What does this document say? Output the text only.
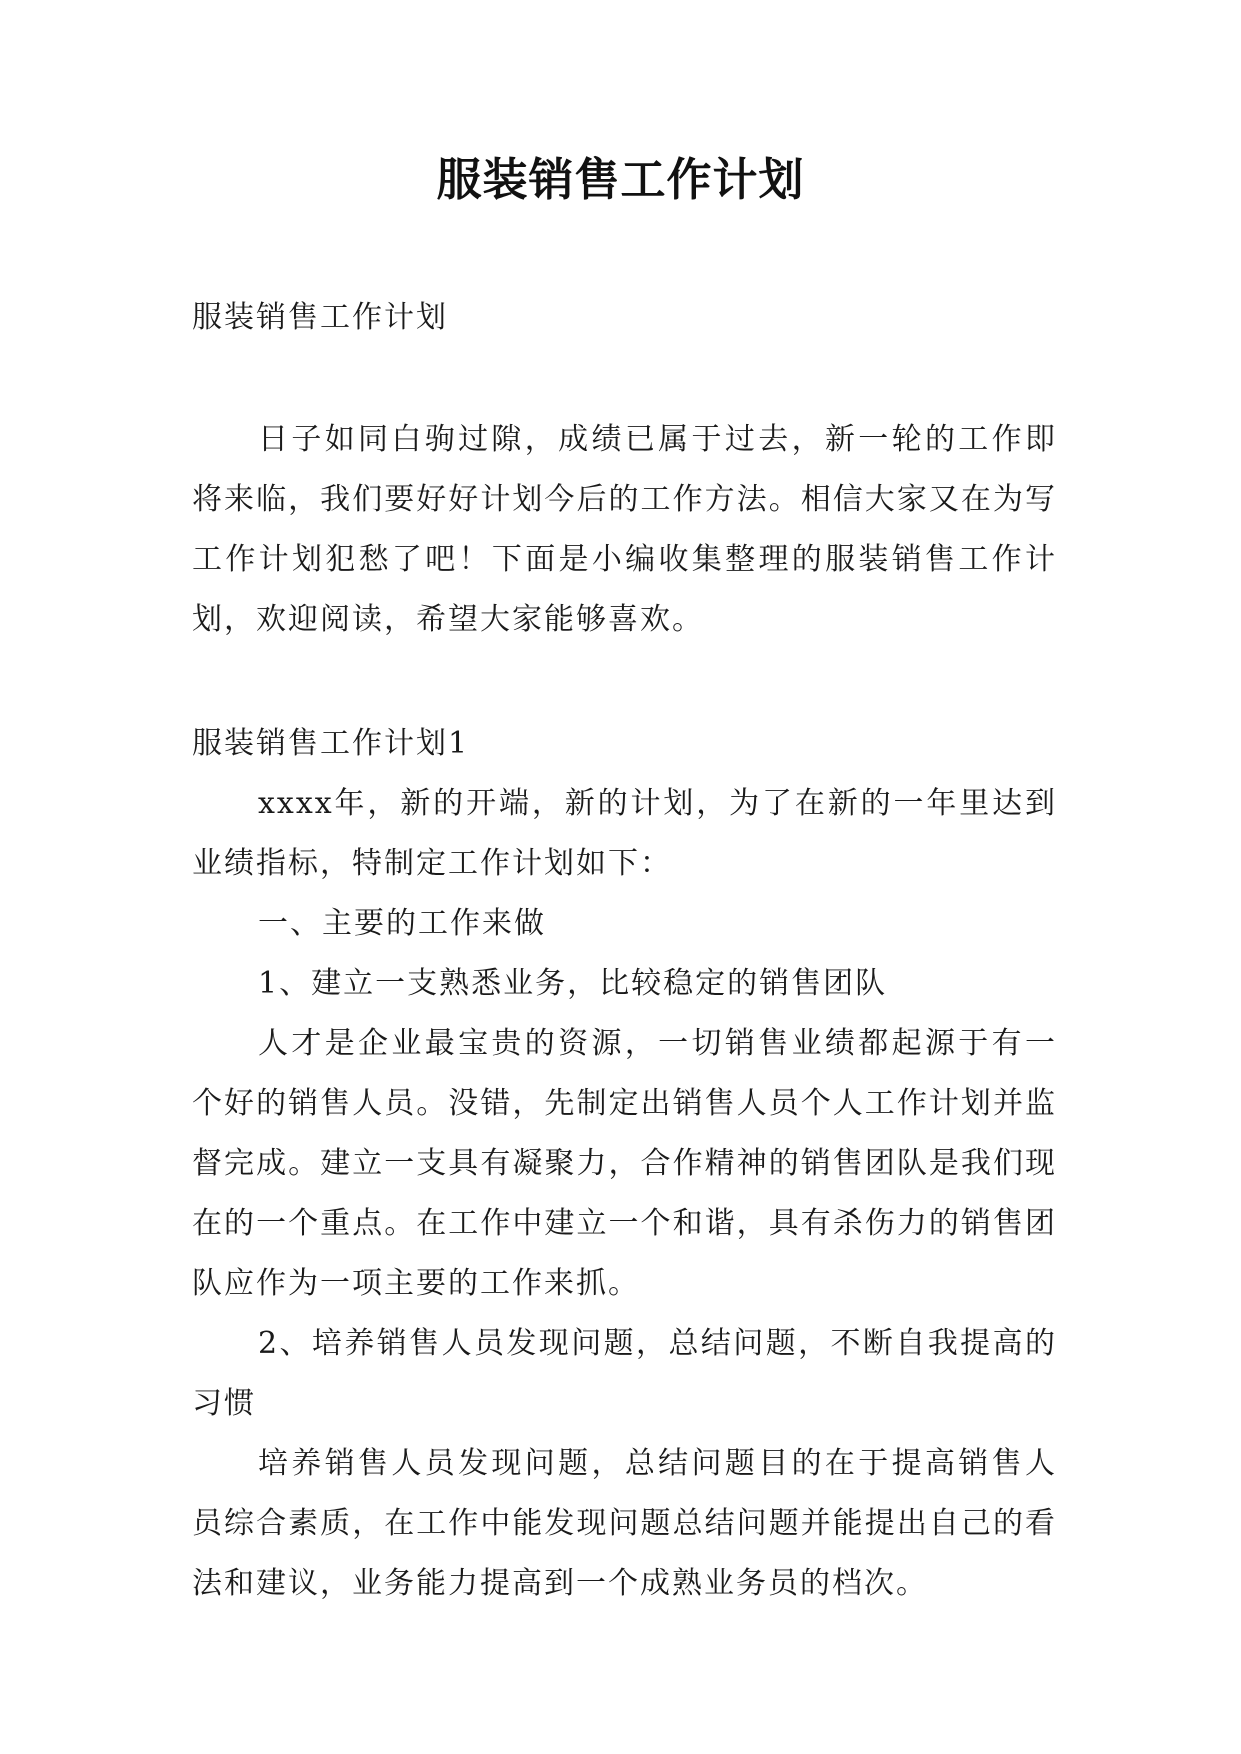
服装销售工作计划

服装销售工作计划

日子如同白驹过隙，成绩已属于过去，新一轮的工作即将来临，我们要好好计划今后的工作方法。相信大家又在为写工作计划犯愁了吧！下面是小编收集整理的服装销售工作计划，欢迎阅读，希望大家能够喜欢。

服装销售工作计划1

xxxx年，新的开端，新的计划，为了在新的一年里达到业绩指标，特制定工作计划如下：

一、主要的工作来做

1、建立一支熟悉业务，比较稳定的销售团队

人才是企业最宝贵的资源，一切销售业绩都起源于有一个好的销售人员。没错，先制定出销售人员个人工作计划并监督完成。建立一支具有凝聚力，合作精神的销售团队是我们现在的一个重点。在工作中建立一个和谐，具有杀伤力的销售团队应作为一项主要的工作来抓。

2、培养销售人员发现问题，总结问题，不断自我提高的习惯

培养销售人员发现问题，总结问题目的在于提高销售人员综合素质，在工作中能发现问题总结问题并能提出自己的看法和建议，业务能力提高到一个成熟业务员的档次。
